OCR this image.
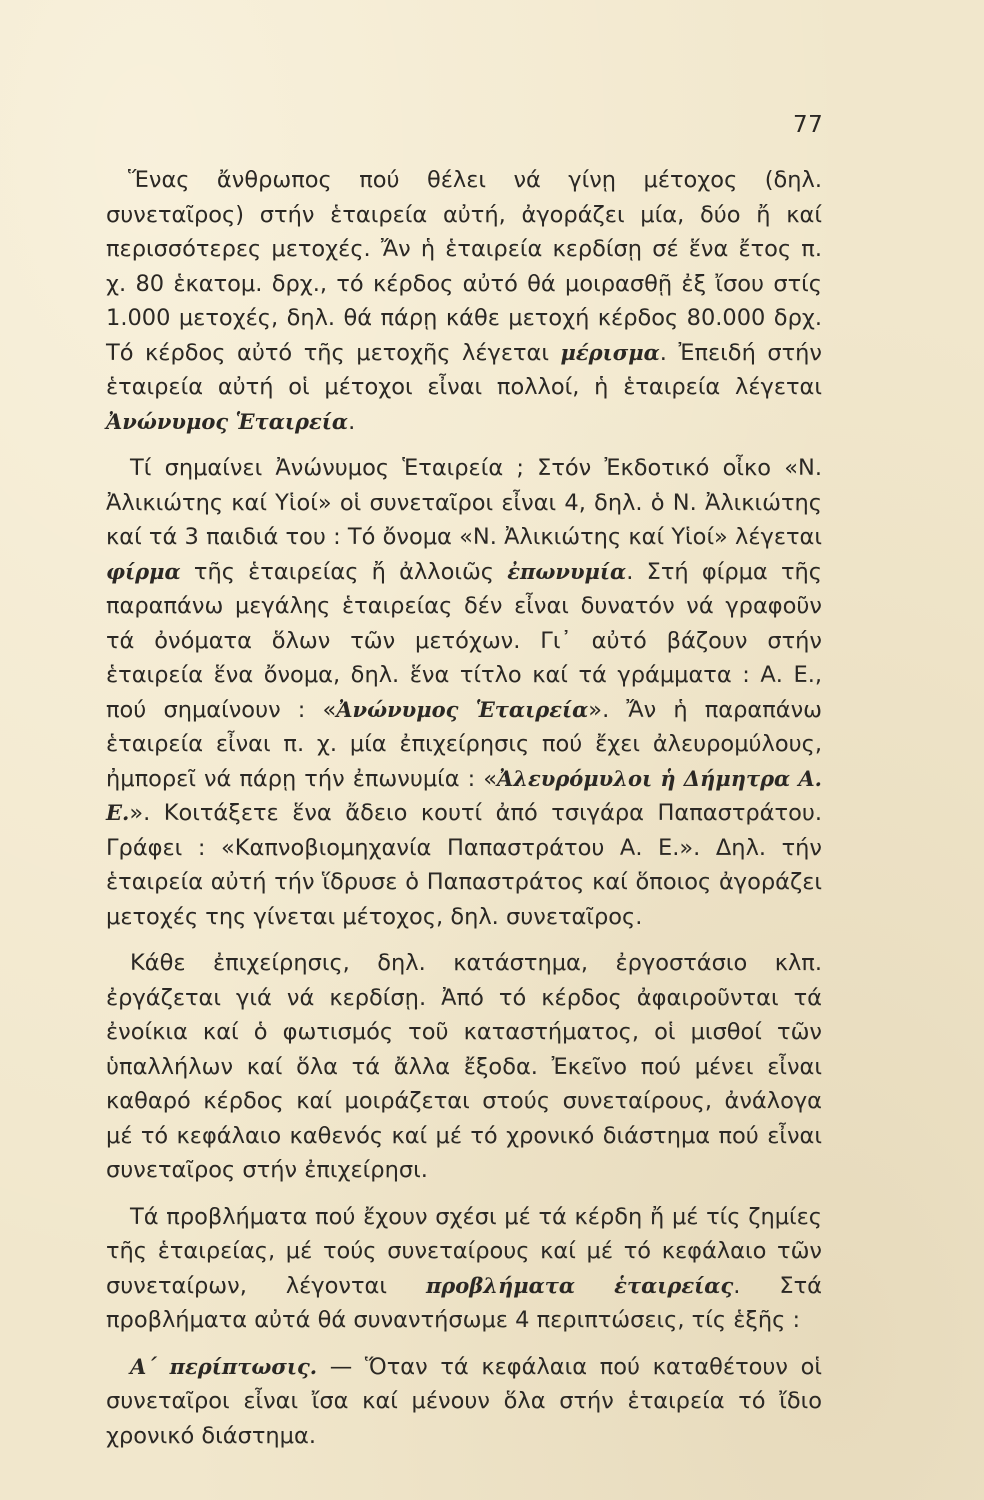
77

Ἕνας ἄνθρωπος πού θέλει νά γίνῃ μέτοχος (δηλ. συνεταῖρος) στήν ἑταιρεία αὐτή, ἀγοράζει μία, δύο ἤ καί περισσότερες μετοχές. Ἄν ἡ ἑταιρεία κερδίσῃ σέ ἕνα ἔτος π. χ. 80 ἑκατομ. δρχ., τό κέρδος αὐτό θά μοιρασθῇ ἐξ ἴσου στίς 1.000 μετοχές, δηλ. θά πάρῃ κάθε μετοχή κέρδος 80.000 δρχ. Τό κέρδος αὐτό τῆς μετοχῆς λέγεται μέρισμα. Ἐπειδή στήν ἑταιρεία αὐτή οἱ μέτοχοι εἶναι πολλοί, ἡ ἑταιρεία λέγεται Ἀνώνυμος Ἑταιρεία.

Τί σημαίνει Ἀνώνυμος Ἑταιρεία ; Στόν Ἐκδοτικό οἶκο «Ν. Ἀλικιώτης καί Υἱοί» οἱ συνεταῖροι εἶναι 4, δηλ. ὁ Ν. Ἀλικιώτης καί τά 3 παιδιά του : Τό ὄνομα «Ν. Ἀλικιώτης καί Υἱοί» λέγεται φίρμα τῆς ἑταιρείας ἤ ἀλλοιῶς ἐπωνυμία. Στή φίρμα τῆς παραπάνω μεγάλης ἑταιρείας δέν εἶναι δυνατόν νά γραφοῦν τά ὀνόματα ὅλων τῶν μετόχων. Γι᾿ αὐτό βάζουν στήν ἑταιρεία ἕνα ὄνομα, δηλ. ἕνα τίτλο καί τά γράμματα : Α. Ε., πού σημαίνουν : «Ἀνώνυμος Ἑταιρεία». Ἄν ἡ παραπάνω ἑταιρεία εἶναι π. χ. μία ἐπιχείρησις πού ἔχει ἀλευρομύλους, ἠμπορεῖ νά πάρῃ τήν ἐπωνυμία : «Ἀλευρόμυλοι ἡ Δήμητρα Α. Ε.». Κοιτάξετε ἕνα ἄδειο κουτί ἀπό τσιγάρα Παπαστράτου. Γράφει : «Καπνοβιομηχανία Παπαστράτου Α. Ε.». Δηλ. τήν ἑταιρεία αὐτή τήν ἵδρυσε ὁ Παπαστράτος καί ὅποιος ἀγοράζει μετοχές της γίνεται μέτοχος, δηλ. συνεταῖρος.

Κάθε ἐπιχείρησις, δηλ. κατάστημα, ἐργοστάσιο κλπ. ἐργάζεται γιά νά κερδίσῃ. Ἀπό τό κέρδος ἀφαιροῦνται τά ἐνοίκια καί ὁ φωτισμός τοῦ καταστήματος, οἱ μισθοί τῶν ὑπαλλήλων καί ὅλα τά ἄλλα ἔξοδα. Ἐκεῖνο πού μένει εἶναι καθαρό κέρδος καί μοιράζεται στούς συνεταίρους, ἀνάλογα μέ τό κεφάλαιο καθενός καί μέ τό χρονικό διάστημα πού εἶναι συνεταῖρος στήν ἐπιχείρησι.

Τά προβλήματα πού ἔχουν σχέσι μέ τά κέρδη ἤ μέ τίς ζημίες τῆς ἑταιρείας, μέ τούς συνεταίρους καί μέ τό κεφάλαιο τῶν συνεταίρων, λέγονται προβλήματα ἑταιρείας. Στά προβλήματα αὐτά θά συναντήσωμε 4 περιπτώσεις, τίς ἑξῆς :

Α΄ περίπτωσις. — Ὅταν τά κεφάλαια πού καταθέτουν οἱ συνεταῖροι εἶναι ἴσα καί μένουν ὅλα στήν ἑταιρεία τό ἴδιο χρονικό διάστημα.
